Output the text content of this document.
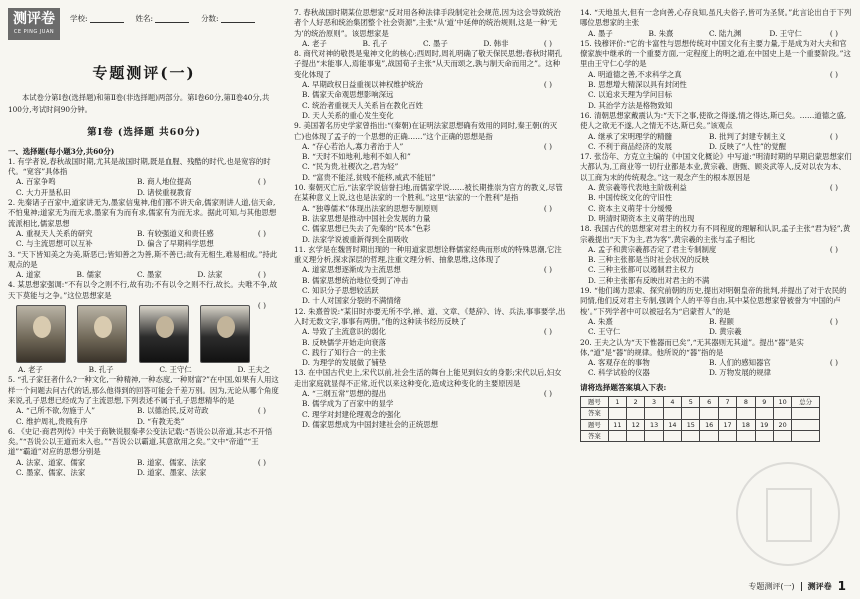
测评卷
CE PING JUAN
学校:	姓名:	分数:
专题测评(一)
本试卷分第Ⅰ卷(选择题)和第Ⅱ卷(非选择题)两部分。第Ⅰ卷60分,第Ⅱ卷40分,共100分,考试时间90分钟。
第Ⅰ卷 (选择题 共60分)
一、选择题(每小题3分,共60分)
1. 有学者说,春秋战国时期,尤其是战国时期,既是血腥、残酷的时代,也是宽容的时代。“宽容”具体指
( )
A. 百家争鸣	B. 商人地位提高
C. 大力开垦私田	D. 诸侯重视教育
2. 先秦诸子百家中,道家讲无为,墨家信鬼神,他们都不讲天命,儒家则讲人道,信天命,不怕鬼神;道家无为而无求,墨家有为而有求,儒家有为而无求。据此可知,与其他思想流派相比,儒家思想
( )
A. 重视天人关系的研究	B. 有较强道义和责任感
C. 与主流思想可以互补	D. 偏含了早期科学思想
3. “天下皆知美之为美,斯恶已;皆知善之为善,斯不善已;故有无相生,难易相成。”持此观点的是
( )
A. 道家	B. 儒家	C. 墨家	D. 法家
4. 某思想家强调:“不有以令之则不行,故有功;不有以令之则不行,故长。夫唯不争,故天下莫能与之争。”这位思想家是
( )
A. 老子	B. 孔子	C. 王守仁	D. 王夫之
5. “孔子家狂者什么?一种文化,一种精神,一种态度,一种财富?”在中国,如果有人用这样一个问题去问古代的话,那么他得到的回答可能会千差万别。因为,无论从哪个角度来说,孔子思想已经成为了主流思想,下列表述不属于孔子思想精华的是
( )
A. “己所不欲,勿施于人”	B. 以德治民,反对苛政
C. 维护周礼,贵贱有序	D. “有教无类”
6. 《史记·商君列传》中关于商鞅说服秦孝公变法记载:“吾说公以帝道,其志不开悟矣。”“吾说公以王道而未入也。”“吾说公以霸道,其意欲用之矣。”文中“帝道”“王道”“霸道”对应的思想分别是
( )
A. 法家、道家、儒家	B. 道家、儒家、法家
C. 墨家、儒家、法家	D. 道家、墨家、法家
7. 春秋战国时期某位思想家“反对用各种法律手段制定社会规范,因为这会导致统治者个人好恶和统治集团整个社会资源”,主张“从‘道’中延伸的统治规则,这是一种‘无为’的统治原则”。该思想家是
( )
A. 老子	B. 孔子	C. 墨子	D. 韩非
8. 商代对神的敬畏是鬼神文化的核心;西周时,周礼明确了敬天保民思想;春秋时期孔子提出“未能事人,焉能事鬼”,战国荀子主张“从天而颂之,孰与制天命而用之”。这种变化体现了
( )
A. 早期政权日益重视以神权维护统治
B. 儒家天命观思想影响深远
C. 统治者重视天人关系旨在教化百姓
D. 天人关系的重心发生变化
9. 美国著名历史学家曾指出:“(秦朝)在证明法家思想确有效用的同时,秦王朝(的灭亡)也体现了孟子的一个思想的正确……”这个正确的思想是指
( )
A. “存心若治人,寡力者治于人”
B. “天时不如地利,地利不如人和”
C. “民为贵,社稷次之,君为轻”
D. “富贵不能淫,贫贱不能移,威武不能屈”
10. 秦朝灭亡后,“法家学说信誉扫地,而儒家学说……被长期推崇为官方的教义,尽管在某种意义上说,这也是法家的一个胜利。”这里“法家的一个胜利”是指
( )
A. “独尊儒术”体现出法家的思想专制原则
B. 法家思想是推动中国社会发展的力量
C. 儒家思想已失去了先秦的“民本”色彩
D. 法家学说被重新得到全面吸收
11. 玄学是在魏晋时期出现的一种用道家思想诠释儒家经典而形成的特殊思潮,它注重义理分析,探求深层的哲理,注重文理分析、抽象思维,这体现了
( )
A. 道家思想逐渐成为主流思想
B. 儒家思想统治地位受到了冲击
C. 知识分子思想较活跃
D. 十人对国家分裂的不满情绪
12. 朱熹曾说:“某旧时亦要无所不学,禅、道、文章、《楚辞》、诗、兵法,事事要学,出入时无数文字,事事有两册。”他的这种读书经历反映了
( )
A. 导致了主流意识的弱化
B. 反映儒学开始走向衰落
C. 践行了知行合一的主张
D. 为理学的发展做了铺垫
13. 在中国古代史上,宋代以前,社会生活的舞台上能见到妇女的身影;宋代以后,妇女走出家庭就显得不正常,近代以来这种变化,造成这种变化的主要原因是
( )
A. “三纲五常”思想的提出
B. 儒学成为了百家中的显学
C. 理学对封建伦理观念的强化
D. 儒家思想成为中国封建社会的正统思想
14. “天地虽大,但有一念向善,心存良知,虽凡夫俗子,皆可为圣贤。”此言论出自于下列哪位思想家的主张
( )
A. 墨子	B. 朱熹	C. 陆九渊	D. 王守仁
15. 钱穆评价:“它的卡富性与思想传统对中国文化有主要力量,于是成为对大夫和官僚家族中继承的一个重要方面,一定程度上的明之道,在中国史上是一个重要阶段。”这里由王守仁心学的是
( )
A. 明道德之善,不求科学之真
B. 思想增大精深以具有封闭性
C. 以追求天理为学问目标
D. 其治学方法是格物致知
16. 清朝思想家戴震认为:“天下之事,使欲之得遂,情之得达,斯已矣。……道德之盛,使人之欲无不遂,人之情无不达,斯已矣。”该观点
( )
A. 继承了宋明理学的精髓	B. 批判了封建专制主义
C. 不利于商品经济的发展	D. 反映了“人性”的觉醒
17. 张岱年、方克立主编的《中国文化概论》中写道:“明清时期的早期启蒙思想家们大都认为,工商业等一切行业都是本业,黄宗羲、唐甄、顾炎武等人,反对以农为本、以工商为末的传统观念。”这一观念产生的根本原因是
( )
A. 黄宗羲等代表地主阶级利益
B. 中国传统文化的守旧性
C. 资本主义萌芽十分缓慢
D. 明清时期资本主义萌芽的出现
18. 我国古代的思想家对君主的权力有不同程度的理解和认识,孟子主张“君为轻”,黄宗羲提出“天下为主,君为客”,黄宗羲的主张与孟子相比
( )
A. 孟子和黄宗羲都否定了君主专制制度
B. 三种主张都是当时社会状况的反映
C. 三种主张都可以遏制君主权力
D. 三种主张都有反映出对君主的不满
19. “他们竭力思索、探究前朝的历史,提出对明朝皇帝的批判,并提出了对于农民的同情,他们反对君主专制,强调个人的平等自由,其中某位思想家曾被誉为‘中国的卢梭’。”下列学者中可以被冠名为“启蒙哲人”的是
( )
A. 朱熹	B. 程颐
C. 王守仁	D. 黄宗羲
20. 王夫之认为“天下惟器而已矣”,“无其器则无其道”。提出“器”是实体,“道”是“器”的规律。他所说的“器”指的是
( )
A. 客观存在的事物	B. 人们的感知器官
C. 科学试验的仪器	D. 万物发展的规律
请将选择题答案填入下表:
题号	1	2	3	4	5	6	7	8	9	10	总分
答案											
题号	11	12	13	14	15	16	17	18	19	20	
答案											
专题测评(一) 测评卷 1
